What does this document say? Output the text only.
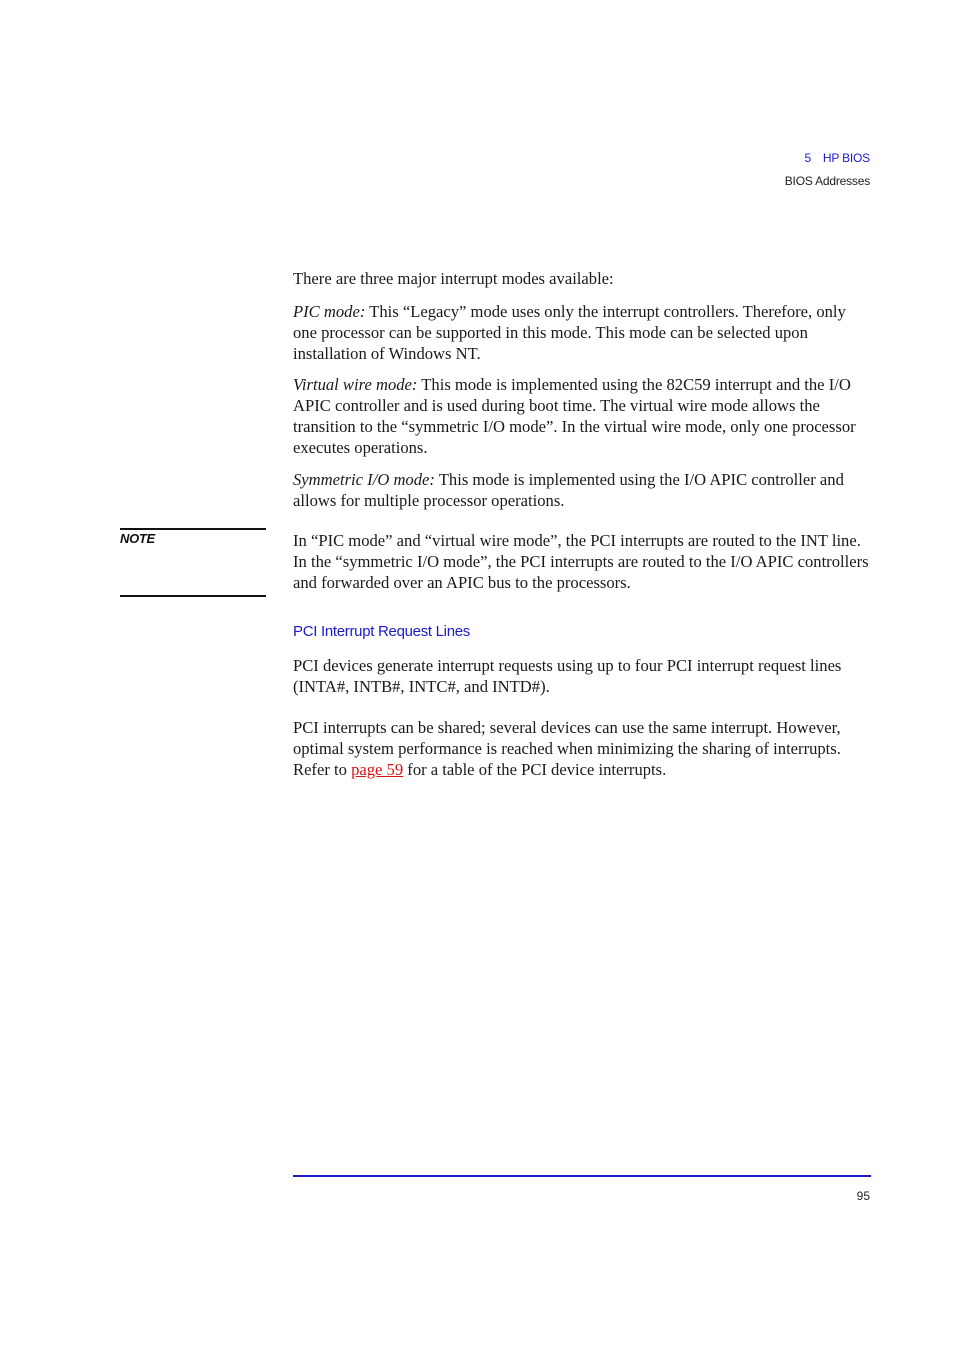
5 HP BIOS
BIOS Addresses

There are three major interrupt modes available:

PIC mode: This “Legacy” mode uses only the interrupt controllers. Therefore, only one processor can be supported in this mode. This mode can be selected upon installation of Windows NT.

Virtual wire mode: This mode is implemented using the 82C59 interrupt and the I/O APIC controller and is used during boot time. The virtual wire mode allows the transition to the “symmetric I/O mode”. In the virtual wire mode, only one processor executes operations.

Symmetric I/O mode: This mode is implemented using the I/O APIC controller and allows for multiple processor operations.

NOTE	In “PIC mode” and “virtual wire mode”, the PCI interrupts are routed to the INT line. In the “symmetric I/O mode”, the PCI interrupts are routed to the I/O APIC controllers and forwarded over an APIC bus to the processors.

PCI Interrupt Request Lines

PCI devices generate interrupt requests using up to four PCI interrupt request lines (INTA#, INTB#, INTC#, and INTD#).

PCI interrupts can be shared; several devices can use the same interrupt. However, optimal system performance is reached when minimizing the sharing of interrupts. Refer to page 59 for a table of the PCI device interrupts.

95
